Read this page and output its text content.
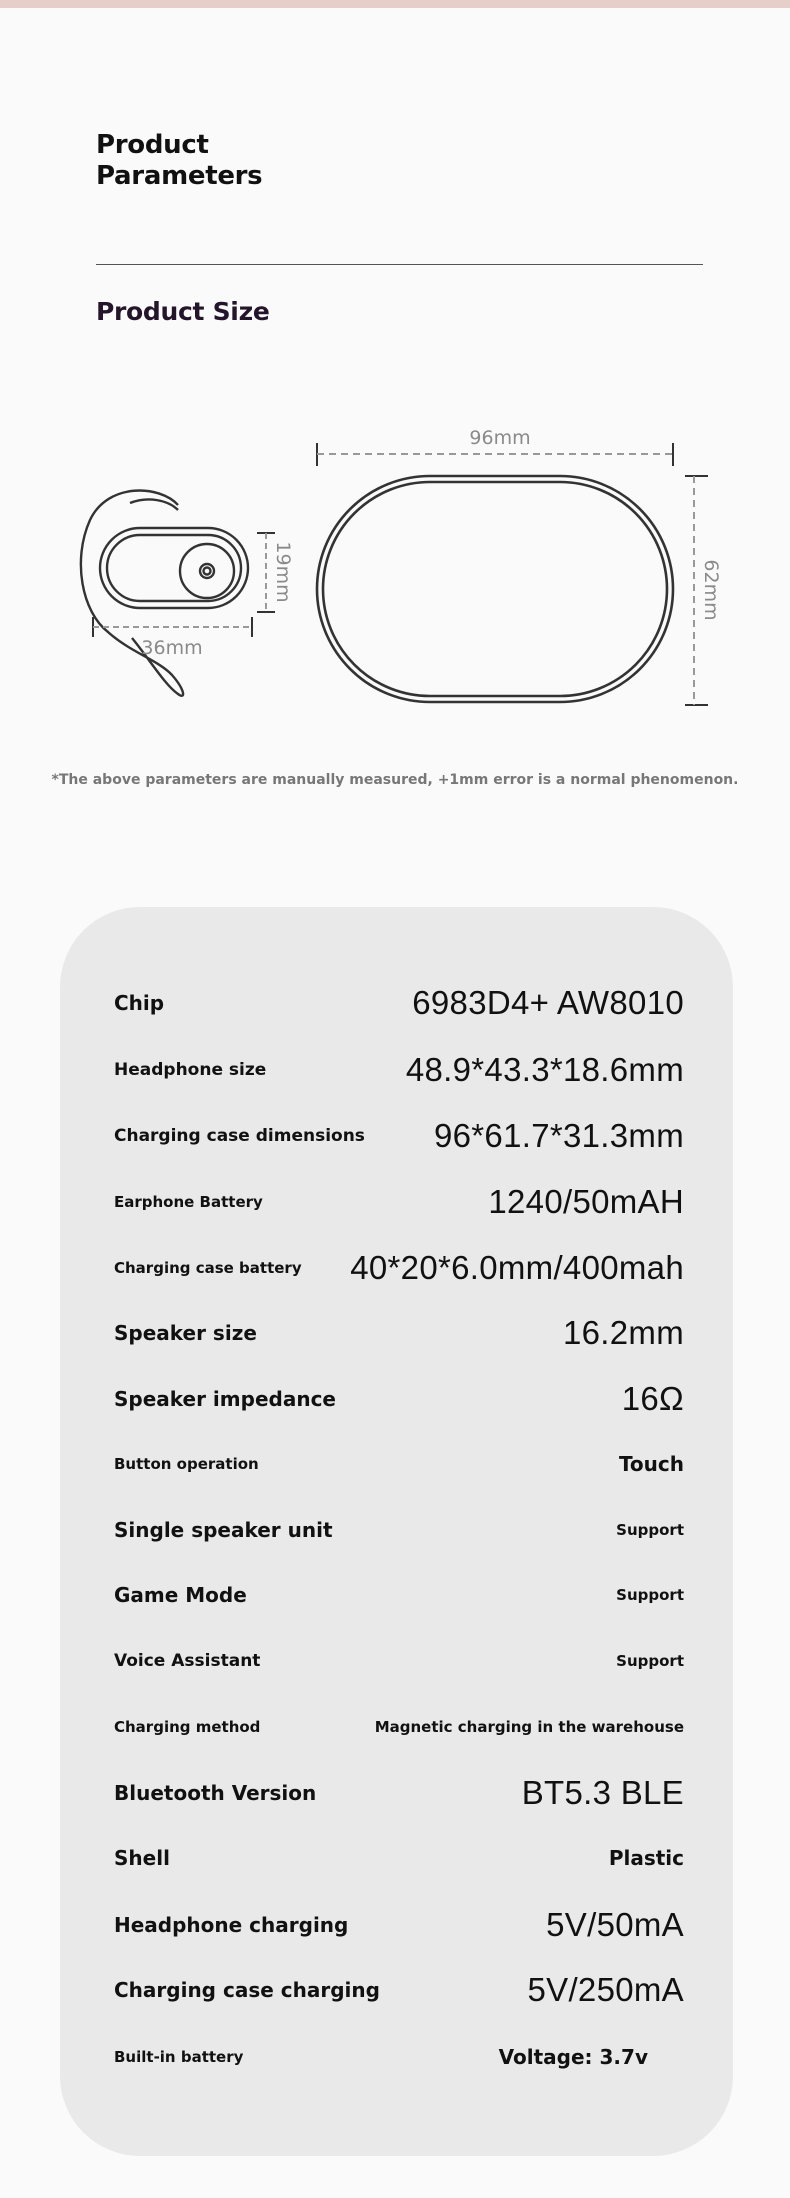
Product
Parameters
Product Size
19mm
36mm
96mm
62mm
*The above parameters are manually measured, +1mm error is a normal phenomenon.
Chip	6983D4+ AW8010
Headphone size	48.9*43.3*18.6mm
Charging case dimensions 96*61.7*31.3mm
Earphone Battery	1240/50mAH
Charging case battery 40*20*6.0mm/400mah
Speaker size	16.2mm
Speaker impedance	16Ω
Button operation	Touch
Single speaker unit	Support
Game Mode	Support
Voice Assistant	Support
Charging method	Magnetic charging in the warehouse
Bluetooth Version	BT5.3 BLE
Shell	Plastic
Headphone charging	5V/50mA
Charging case charging	5V/250mA
Built-in battery	Voltage: 3.7v
